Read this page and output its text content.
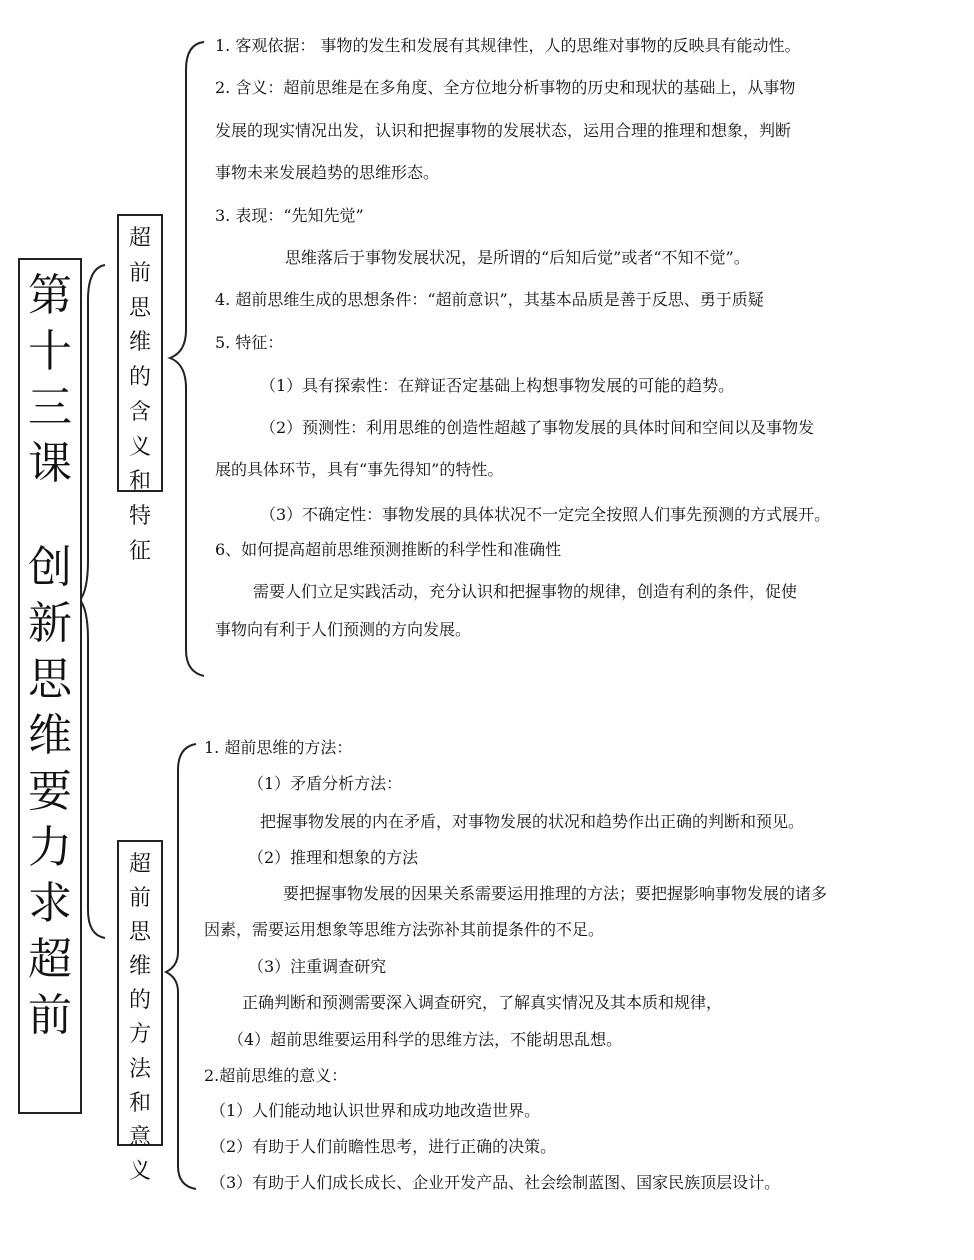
第
十
三
课
创
新
思
维
要
力
求
超
前
超
前
思
维
的
含
义
和
特
征
超
前
思
维
的
方
法
和
意
义
1. 客观依据： 事物的发生和发展有其规律性，人的思维对事物的反映具有能动性。
2. 含义：超前思维是在多角度、全方位地分析事物的历史和现状的基础上，从事物
发展的现实情况出发，认识和把握事物的发展状态，运用合理的推理和想象，判断
事物未来发展趋势的思维形态。
3. 表现：“先知先觉”
思维落后于事物发展状况，是所谓的“后知后觉”或者“不知不觉”。
4. 超前思维生成的思想条件：“超前意识”，其基本品质是善于反思、勇于质疑
5. 特征：
（1）具有探索性：在辩证否定基础上构想事物发展的可能的趋势。
（2）预测性：利用思维的创造性超越了事物发展的具体时间和空间以及事物发
展的具体环节，具有“事先得知”的特性。
（3）不确定性：事物发展的具体状况不一定完全按照人们事先预测的方式展开。
6、如何提高超前思维预测推断的科学性和准确性
需要人们立足实践活动，充分认识和把握事物的规律，创造有利的条件，促使
事物向有利于人们预测的方向发展。
1. 超前思维的方法：
（1）矛盾分析方法：
把握事物发展的内在矛盾，对事物发展的状况和趋势作出正确的判断和预见。
（2）推理和想象的方法
要把握事物发展的因果关系需要运用推理的方法；要把握影响事物发展的诸多
因素，需要运用想象等思维方法弥补其前提条件的不足。
（3）注重调查研究
正确判断和预测需要深入调查研究，了解真实情况及其本质和规律，
（4）超前思维要运用科学的思维方法，不能胡思乱想。
2.超前思维的意义：
（1）人们能动地认识世界和成功地改造世界。
（2）有助于人们前瞻性思考，进行正确的决策。
（3）有助于人们成长成长、企业开发产品、社会绘制蓝图、国家民族顶层设计。
